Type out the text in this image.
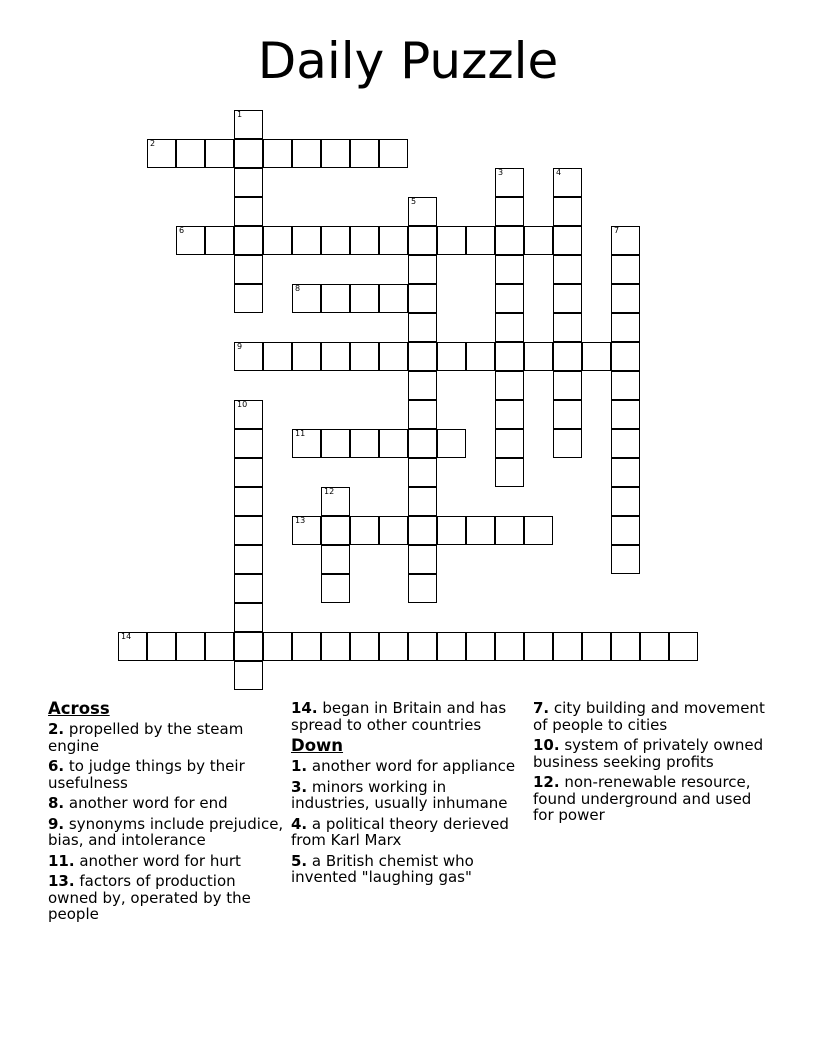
Daily Puzzle
1
2
3	4
5
6	7
8
9
10
11
12
13
14
Across
2. propelled by the steam engine
6. to judge things by their usefulness
8. another word for end
9. synonyms include prejudice, bias, and intolerance
11. another word for hurt
13. factors of production owned by, operated by the people
14. began in Britain and has spread to other countries
Down
1. another word for appliance
3. minors working in industries, usually inhumane
4. a political theory derieved from Karl Marx
5. a British chemist who invented "laughing gas"
7. city building and movement of people to cities
10. system of privately owned business seeking profits
12. non-renewable resource, found underground and used for power
